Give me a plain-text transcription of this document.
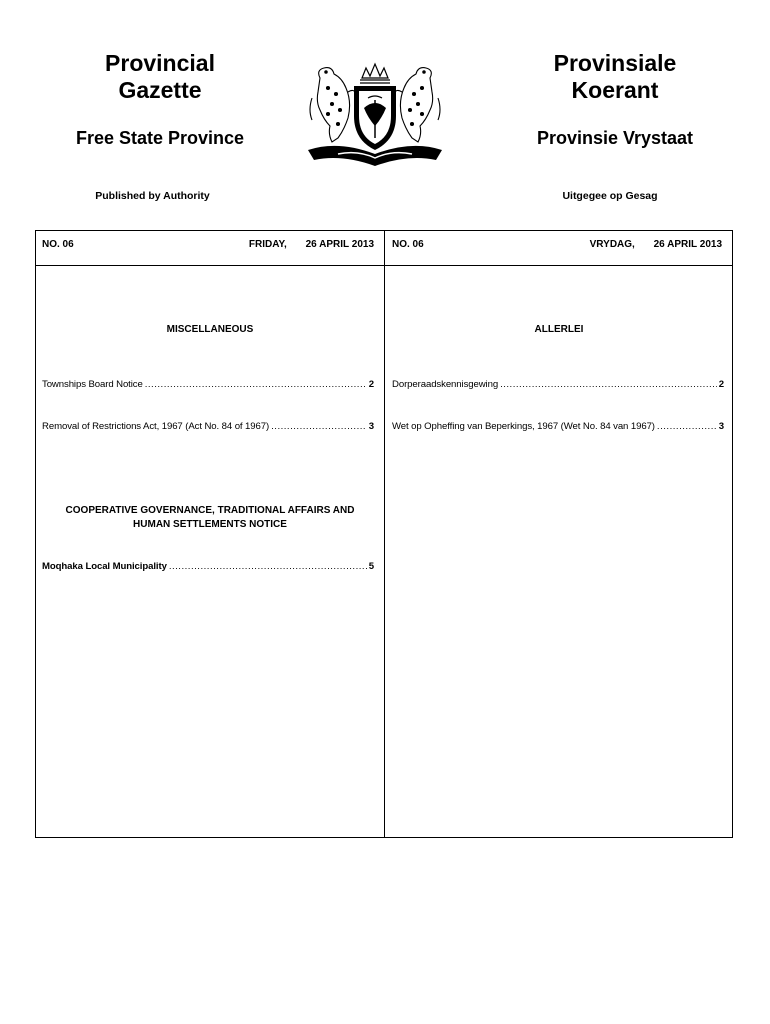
Provincial
Gazette
Free State Province
Published by Authority
Provinsiale
Koerant
Provinsie Vrystaat
Uitgegee op Gesag
NO. 06	FRIDAY, 26 APRIL 2013 NO. 06	VRYDAG, 26 APRIL 2013
MISCELLANEOUS
Townships Board Notice .....	2
Removal of Restrictions Act, 1967 (Act No. 84 of 1967) .....	3
COOPERATIVE GOVERNANCE, TRADITIONAL AFFAIRS AND
HUMAN SETTLEMENTS NOTICE
Moqhaka Local Municipality .....	5
ALLERLEI
Dorperaadskennisgewing .....	2
Wet op Opheffing van Beperkings, 1967 (Wet No. 84 van 1967) .....	3
